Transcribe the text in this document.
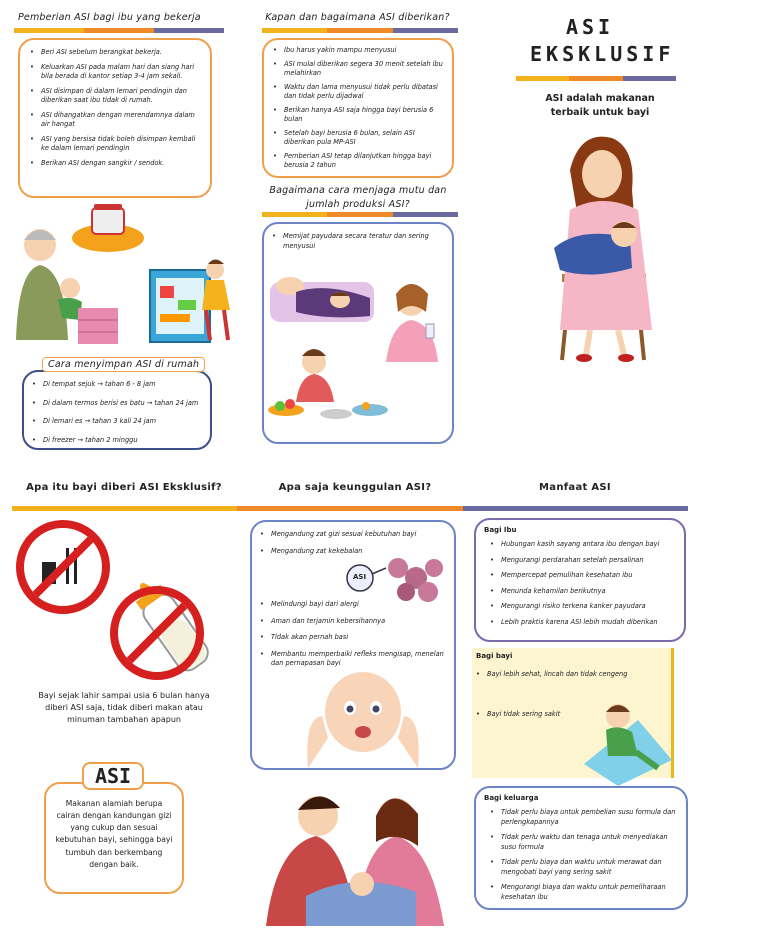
Pemberian ASI bagi ibu yang bekerja
• Beri ASI sebelum berangkat bekerja.
• Keluarkan ASI pada malam hari dan siang hari bila berada di kantor setiap 3-4 jam sekali.
• ASI disimpan di dalam lemari pendingin dan diberikan saat ibu tidak di rumah.
• ASI dihangatkan dengan merendamnya dalam air hangat
• ASI yang bersisa tidak boleh disimpan kembali ke dalam lemari pendingin
• Berikan ASI dengan sangkir / sendok.
• Di tempat sejuk → tahan 6 - 8 jam
• Di dalam termos berisi es batu → tahan 24 jam
• Di lemari es → tahan 3 kali 24 jam
• Di freezer → tahan 2 minggu
Cara menyimpan ASI di rumah
Kapan dan bagaimana ASI diberikan?
• Ibu harus yakin mampu menyusui
• ASI mulai diberikan segera 30 menit setelah ibu melahirkan
• Waktu dan lama menyusui tidak perlu dibatasi dan tidak perlu dijadwal
• Berikan hanya ASI saja hingga bayi berusia 6 bulan
• Setelah bayi berusia 6 bulan, selain ASI diberikan pula MP-ASI
• Pemberian ASI tetap dilanjutkan hingga bayi berusia 2 tahun
Bagaimana cara menjaga mutu dan jumlah produksi ASI?
• Memijat payudara secara teratur dan sering menyusui
ASI EKSKLUSIF
ASI adalah makanan terbaik untuk bayi
Apa itu bayi diberi ASI Eksklusif?	Apa saja keunggulan ASI?	Manfaat ASI
Bayi sejak lahir sampai usia 6 bulan hanya diberi ASI saja, tidak diberi makan atau minuman tambahan apapun
Makanan alamiah berupa cairan dengan kandungan gizi yang cukup dan sesuai kebutuhan bayi, sehingga bayi tumbuh dan berkembang dengan baik.
ASI
• Mengandung zat gizi sesuai kebutuhan bayi
• Mengandung zat kekebalan
• Melindungi bayi dari alergi
• Aman dan terjamin kebersihannya
• Tidak akan pernah basi
• Membantu memperbaiki refleks mengisap, menelan dan pernapasan bayi
ASI
Bagi Ibu
• Hubungan kasih sayang antara ibu dengan bayi
• Mengurangi perdarahan setelah persalinan
• Mempercepat pemulihan kesehatan ibu
• Menunda kehamilan berikutnya
• Mengurangi risiko terkena kanker payudara
• Lebih praktis karena ASI lebih mudah diberikan
Bagi bayi
• Bayi lebih sehat, lincah dan tidak cengeng
• Bayi tidak sering sakit
Bagi keluarga
• Tidak perlu biaya untuk pembelian susu formula dan perlengkapannya
• Tidak perlu waktu dan tenaga untuk menyediakan susu formula
• Tidak perlu biaya dan waktu untuk merawat dan mengobati bayi yang sering sakit
• Mengurangi biaya dan waktu untuk pemeliharaan kesehatan ibu
